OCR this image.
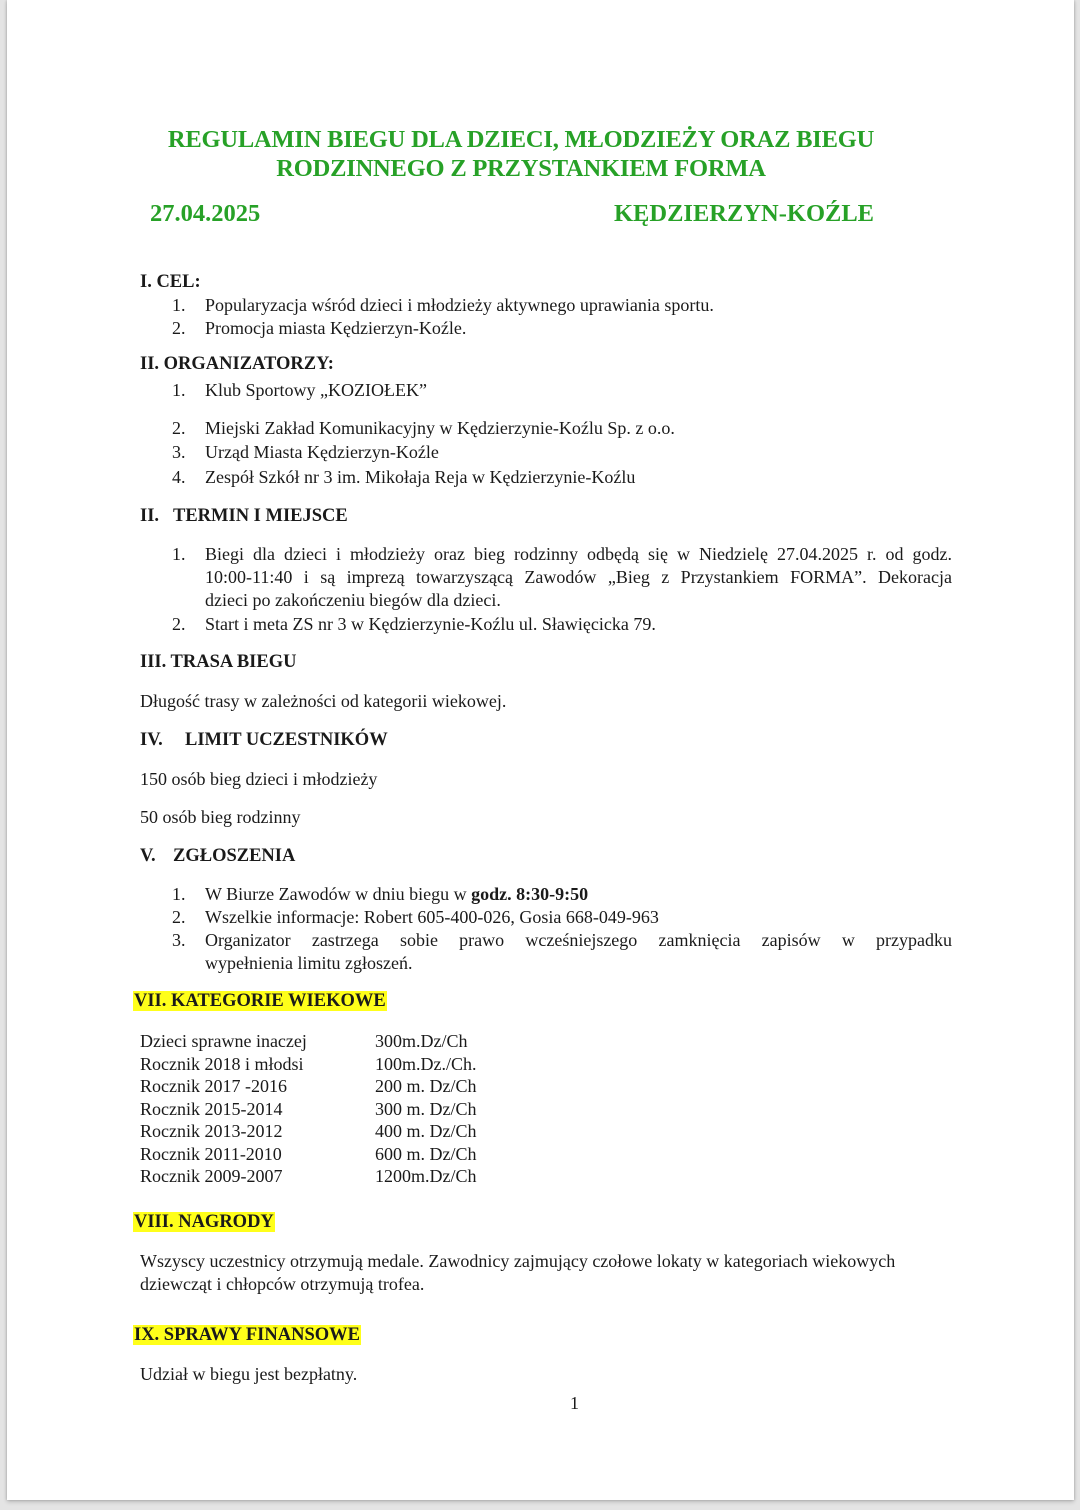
REGULAMIN BIEGU DLA DZIECI, MŁODZIEŻY ORAZ BIEGU
RODZINNEGO Z PRZYSTANKIEM FORMA
27.04.2025	KĘDZIERZYN-KOŹLE
I. CEL:
1. Popularyzacja wśród dzieci i młodzieży aktywnego uprawiania sportu.
2. Promocja miasta Kędzierzyn-Koźle.
II. ORGANIZATORZY:
1. Klub Sportowy „KOZIOŁEK”
2. Miejski Zakład Komunikacyjny w Kędzierzynie-Koźlu Sp. z o.o.
3. Urząd Miasta Kędzierzyn-Koźle
4. Zespół Szkół nr 3 im. Mikołaja Reja w Kędzierzynie-Koźlu
II. TERMIN I MIEJSCE
1. Biegi dla dzieci i młodzieży oraz bieg rodzinny odbędą się w Niedzielę 27.04.2025 r. od godz.
10:00-11:40 i są imprezą towarzyszącą Zawodów „Bieg z Przystankiem FORMA”. Dekoracja
dzieci po zakończeniu biegów dla dzieci.
2. Start i meta ZS nr 3 w Kędzierzynie-Koźlu ul. Sławięcicka 79.
III. TRASA BIEGU
Długość trasy w zależności od kategorii wiekowej.
IV. LIMIT UCZESTNIKÓW
150 osób bieg dzieci i młodzieży
50 osób bieg rodzinny
V. ZGŁOSZENIA
1. W Biurze Zawodów w dniu biegu w godz. 8:30-9:50
2. Wszelkie informacje: Robert 605-400-026, Gosia 668-049-963
3. Organizator zastrzega sobie prawo wcześniejszego zamknięcia zapisów w przypadku
wypełnienia limitu zgłoszeń.
VII. KATEGORIE WIEKOWE
Dzieci sprawne inaczej	300m.Dz/Ch
Rocznik 2018 i młodsi	100m.Dz./Ch.
Rocznik 2017 -2016	200 m. Dz/Ch
Rocznik 2015-2014	300 m. Dz/Ch
Rocznik 2013-2012	400 m. Dz/Ch
Rocznik 2011-2010	600 m. Dz/Ch
Rocznik 2009-2007	1200m.Dz/Ch
VIII. NAGRODY
Wszyscy uczestnicy otrzymują medale. Zawodnicy zajmujący czołowe lokaty w kategoriach wiekowych
dziewcząt i chłopców otrzymują trofea.
IX. SPRAWY FINANSOWE
Udział w biegu jest bezpłatny.
1
